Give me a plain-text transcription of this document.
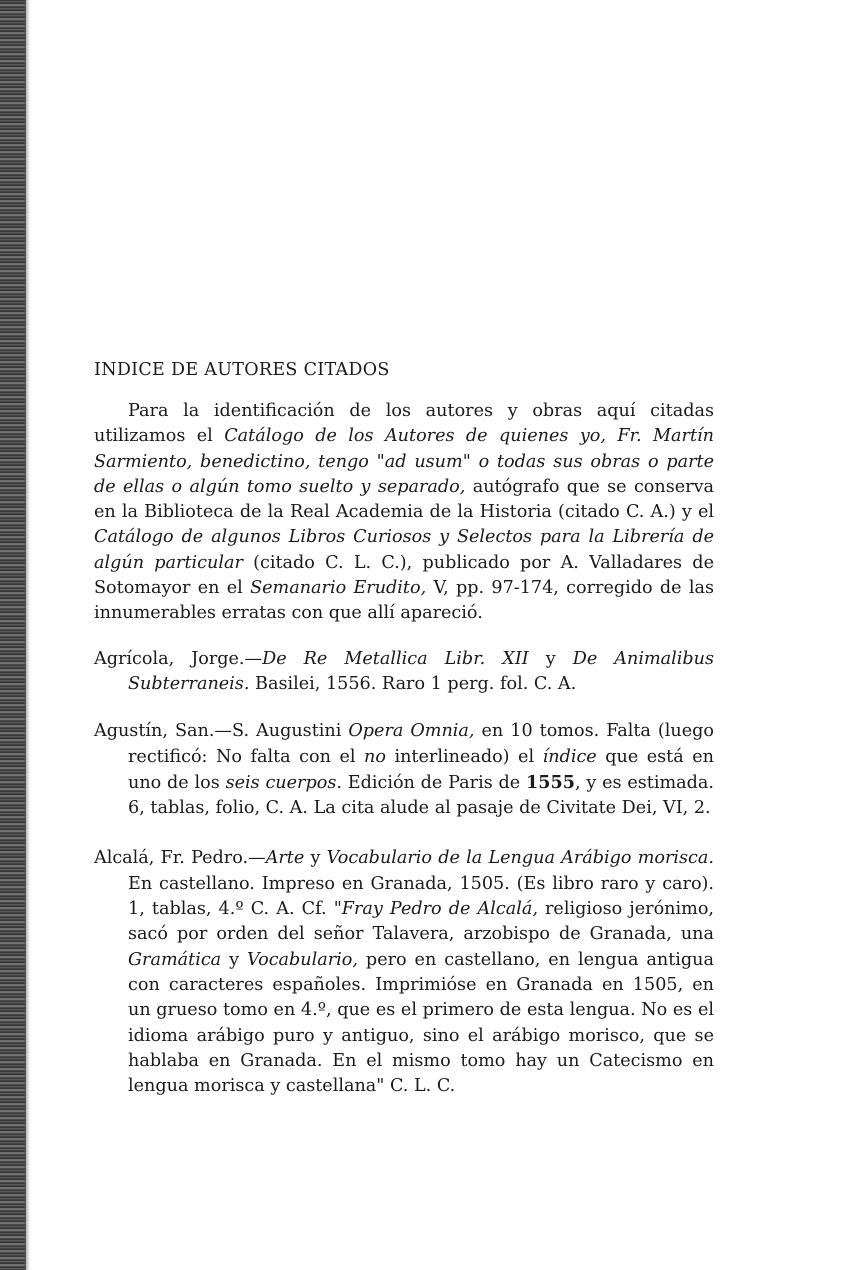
INDICE DE AUTORES CITADOS

Para la identificación de los autores y obras aquí citadas utilizamos el Catálogo de los Autores de quienes yo, Fr. Martín Sarmiento, benedictino, tengo "ad usum" o todas sus obras o parte de ellas o algún tomo suelto y separado, autógrafo que se conserva en la Biblioteca de la Real Academia de la Historia (citado C. A.) y el Catálogo de algunos Libros Curiosos y Selectos para la Librería de algún particular (citado C. L. C.), publicado por A. Valladares de Sotomayor en el Semanario Erudito, V, pp. 97-174, corregido de las innumerables erratas con que allí apareció.

Agrícola, Jorge.—De Re Metallica Libr. XII y De Animalibus Subterraneis. Basilei, 1556. Raro 1 perg. fol. C. A.

Agustín, San.—S. Augustini Opera Omnia, en 10 tomos. Falta (luego rectificó: No falta con el no interlineado) el índice que está en uno de los seis cuerpos. Edición de Paris de 1555, y es estimada. 6, tablas, folio, C. A. La cita alude al pasaje de Civitate Dei, VI, 2.

Alcalá, Fr. Pedro.—Arte y Vocabulario de la Lengua Arábigo morisca. En castellano. Impreso en Granada, 1505. (Es libro raro y caro). 1, tablas, 4.º C. A. Cf. "Fray Pedro de Alcalá, religioso jerónimo, sacó por orden del señor Talavera, arzobispo de Granada, una Gramática y Vocabulario, pero en castellano, en lengua antigua con caracteres españoles. Imprimióse en Granada en 1505, en un grueso tomo en 4.º, que es el primero de esta lengua. No es el idioma arábigo puro y antiguo, sino el arábigo morisco, que se hablaba en Granada. En el mismo tomo hay un Catecismo en lengua morisca y castellana" C. L. C.
